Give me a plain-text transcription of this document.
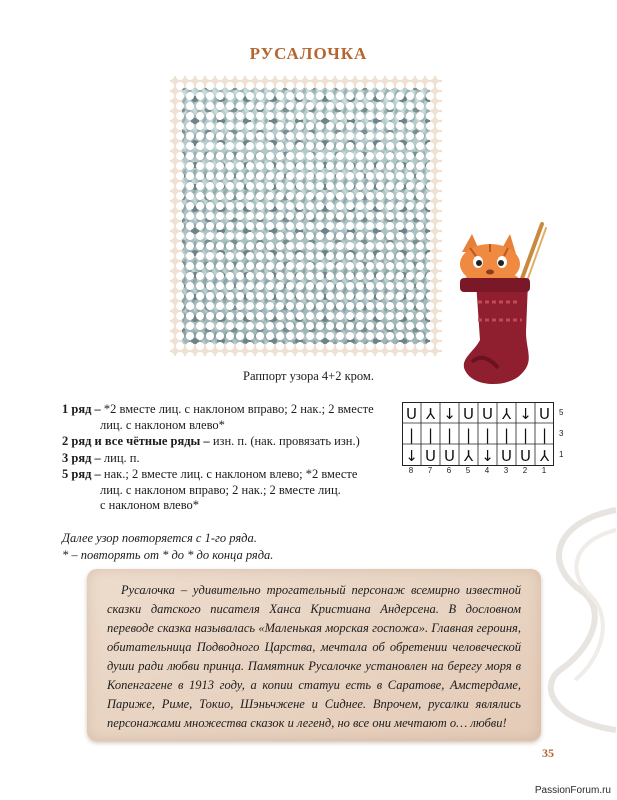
РУСАЛОЧКА
Раппорт узора 4+2 кром.
1 ряд – *2 вместе лиц. с наклоном вправо; 2 нак.; 2 вместе
лиц. с наклоном влево*
2 ряд и все чётные ряды – изн. п. (нак. провязать изн.)
3 ряд – лиц. п.
5 ряд – нак.; 2 вместе лиц. с наклоном влево; *2 вместе
лиц. с наклоном вправо; 2 нак.; 2 вместе лиц.
с наклоном влево*
Далее узор повторяется с 1-го ряда.
* – повторять от * до * до конца ряда.
U ⅄ ↓ U U ⅄ ↓ U
| | | | | | | |
↓ U U ⅄ ↓ U U ⅄
5
3
1
8	7	6	5	4	3	2	1
Русалочка – удивительно трогательный персонаж всемирно известной сказки датского писателя Ханса Кристиана Андерсена. В дословном переводе сказка называлась «Маленькая морская госпожа». Главная героиня, обитательница Подводного Царства, мечтала об обретении человеческой души ради любви принца. Памятник Русалочке установлен на берегу моря в Копенгагене в 1913 году, а копии статуи есть в Саратове, Амстердаме, Париже, Риме, Токио, Шэньчжене и Сиднее. Впрочем, русалки являлись персонажами множества сказок и легенд, но все они мечтают о… любви!
35
PassionForum.ru
